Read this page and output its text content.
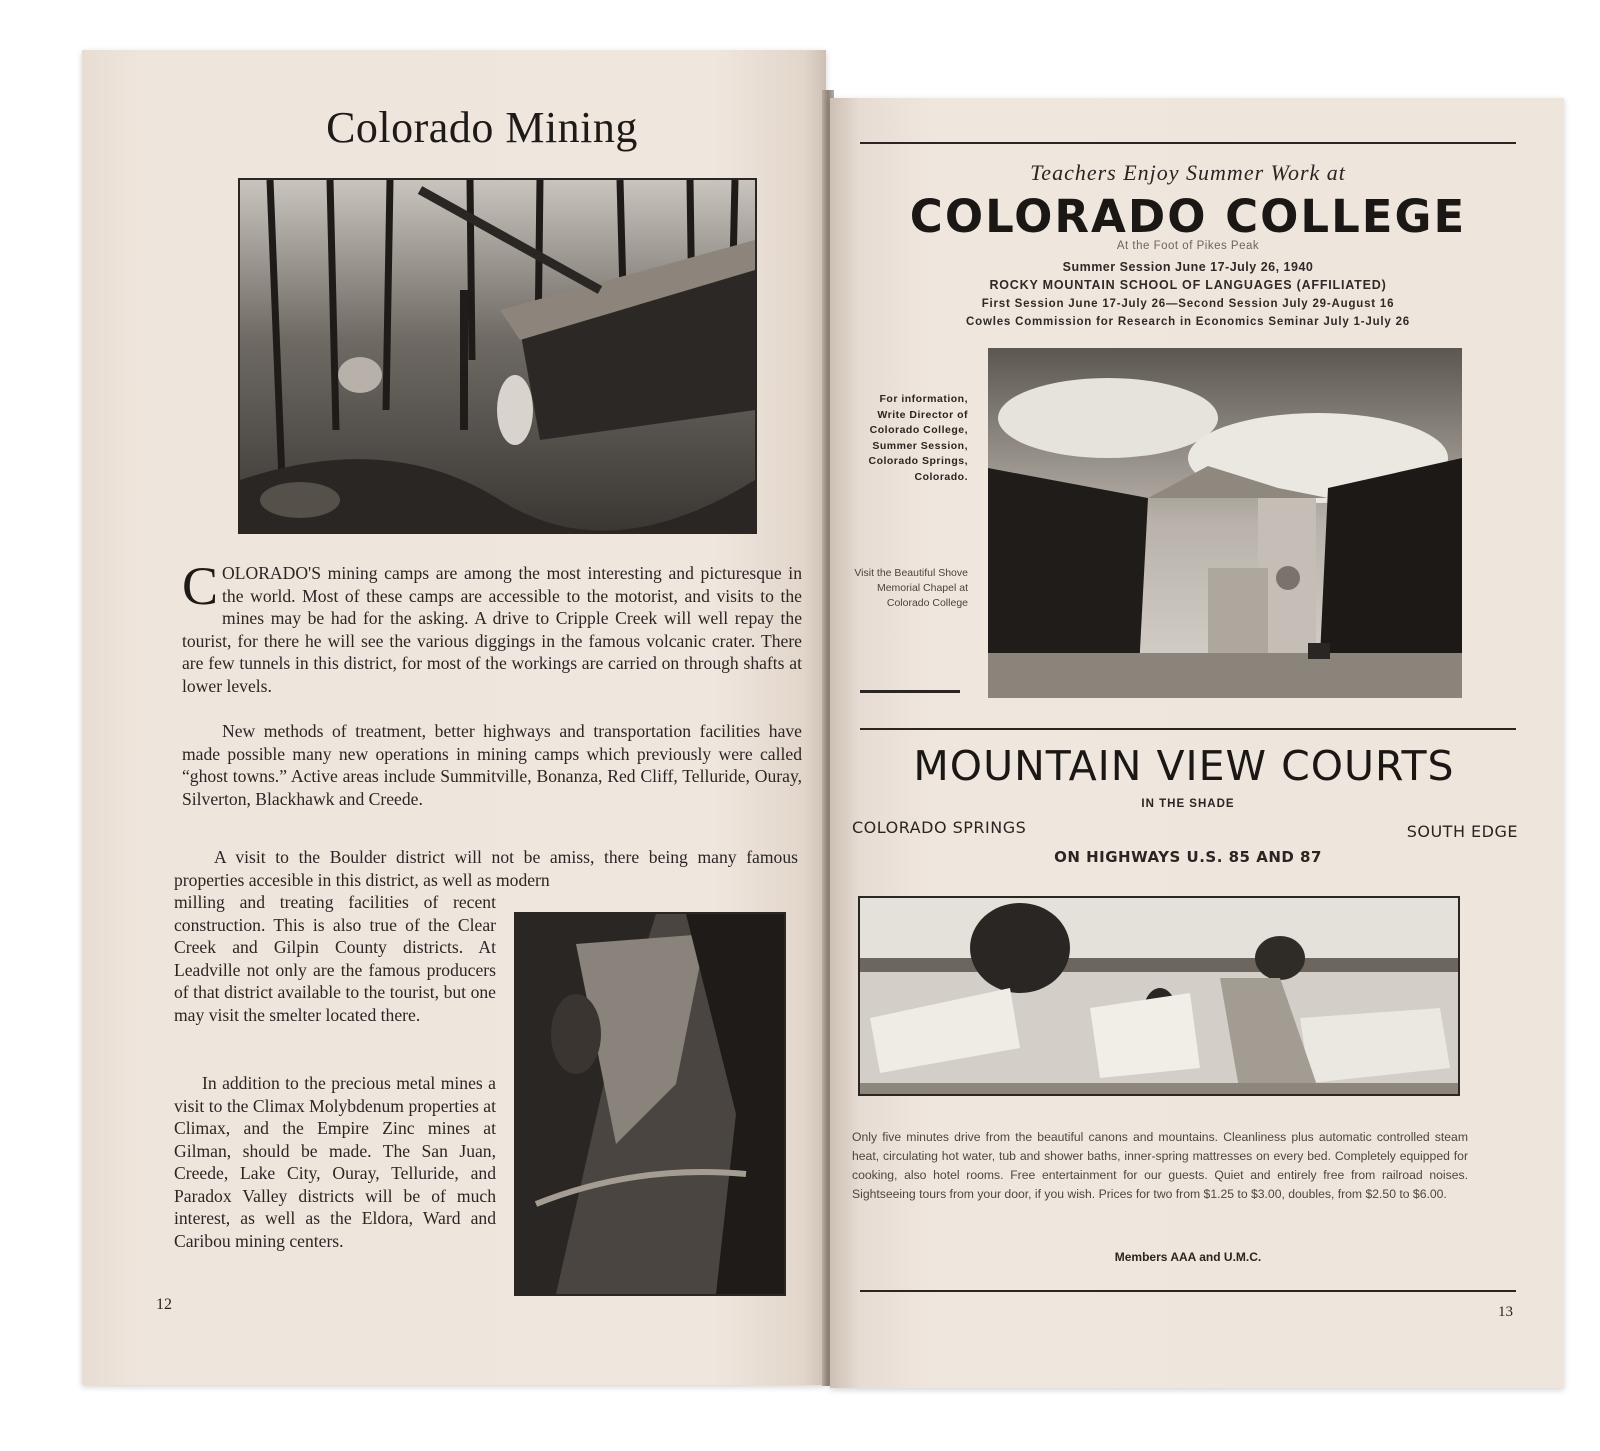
Colorado Mining
COLORADO'S mining camps are among the most interesting and picturesque in the world. Most of these camps are accessible to the motorist, and visits to the mines may be had for the asking. A drive to Cripple Creek will well repay the tourist, for there he will see the various diggings in the famous volcanic crater. There are few tunnels in this district, for most of the workings are carried on through shafts at lower levels.
New methods of treatment, better highways and transportation facilities have made possible many new operations in mining camps which previously were called “ghost towns.” Active areas include Summitville, Bonanza, Red Cliff, Telluride, Ouray, Silverton, Blackhawk and Creede.
A visit to the Boulder district will not be amiss, there being many famous properties accesible in this district, as well as modern
milling and treating facilities of recent construction. This is also true of the Clear Creek and Gilpin County districts. At Leadville not only are the famous producers of that district available to the tourist, but one may visit the smelter located there.
In addition to the precious metal mines a visit to the Climax Molybdenum properties at Climax, and the Empire Zinc mines at Gilman, should be made. The San Juan, Creede, Lake City, Ouray, Telluride, and Paradox Valley districts will be of much interest, as well as the Eldora, Ward and Caribou mining centers.
12
Teachers Enjoy Summer Work at
COLORADO COLLEGE
At the Foot of Pikes Peak
Summer Session June 17-July 26, 1940
ROCKY MOUNTAIN SCHOOL OF LANGUAGES (AFFILIATED)
First Session June 17-July 26—Second Session July 29-August 16
Cowles Commission for Research in Economics Seminar July 1-July 26
For information, Write Director of Colorado College, Summer Session, Colorado Springs, Colorado.
Visit the Beautiful Shove Memorial Chapel at Colorado College
MOUNTAIN VIEW COURTS
IN THE SHADE
COLORADO SPRINGS	SOUTH EDGE
ON HIGHWAYS U.S. 85 AND 87
Only five minutes drive from the beautiful canons and mountains. Cleanliness plus automatic controlled steam heat, circulating hot water, tub and shower baths, inner-spring mattresses on every bed. Completely equipped for cooking, also hotel rooms. Free entertainment for our guests. Quiet and entirely free from railroad noises. Sightseeing tours from your door, if you wish. Prices for two from $1.25 to $3.00, doubles, from $2.50 to $6.00.
Members AAA and U.M.C.
13
